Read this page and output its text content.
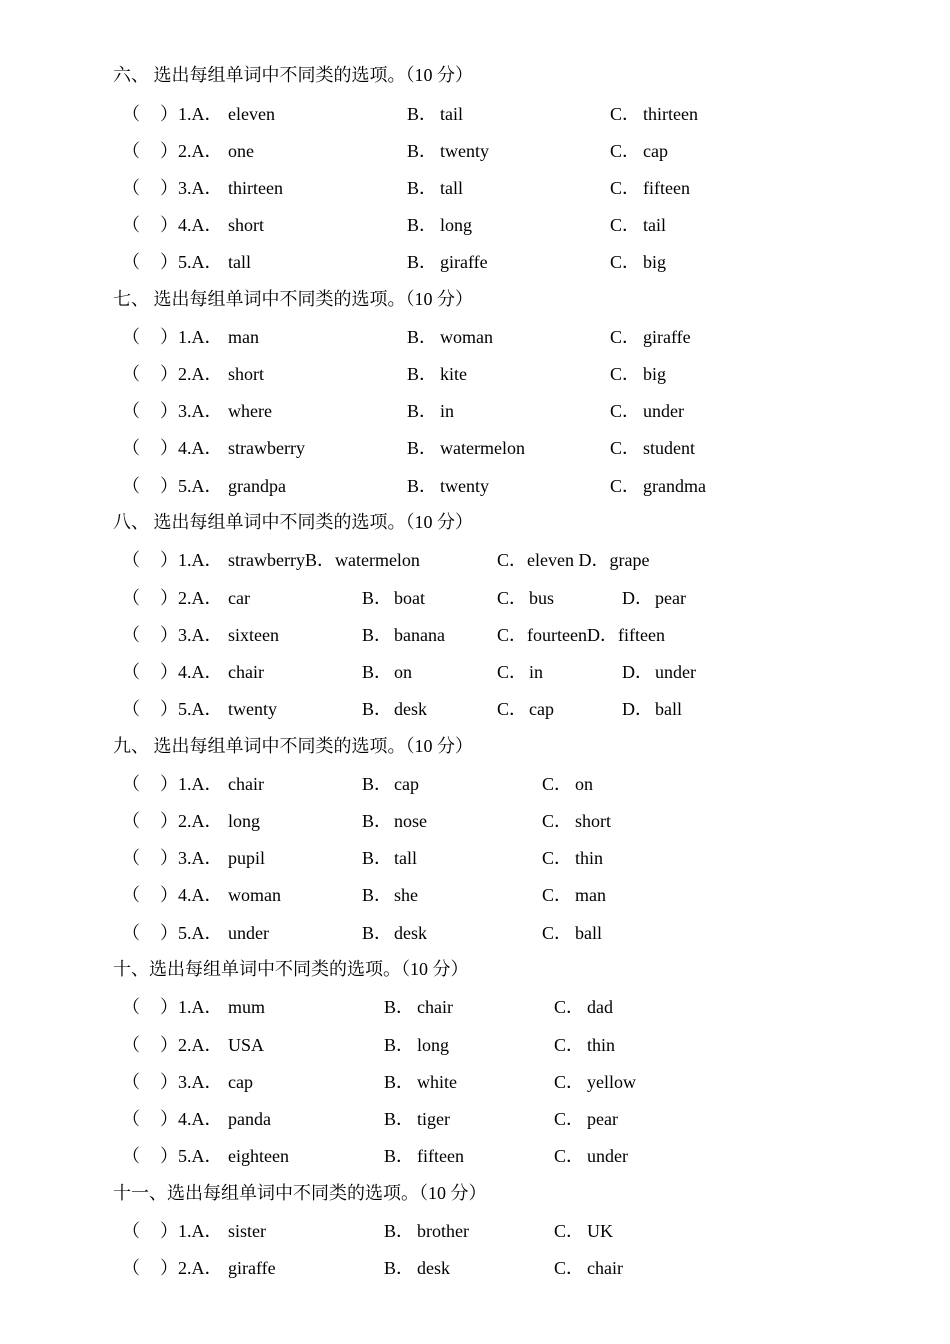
六、 选出每组单词中不同类的选项。（10 分）
（ ）1.A． eleven	B． tail	C． thirteen
（ ）2.A． one	B． twenty	C． cap
（ ）3.A． thirteen	B． tall	C． fifteen
（ ）4.A． short	B． long	C． tail
（ ）5.A． tall	B． giraffe	C． big
七、 选出每组单词中不同类的选项。（10 分）
（ ）1.A． man	B． woman	C． giraffe
（ ）2.A． short	B． kite	C． big
（ ）3.A． where	B． in	C． under
（ ）4.A． strawberry	B． watermelon	C． student
（ ）5.A． grandpa	B． twenty	C． grandma
八、 选出每组单词中不同类的选项。（10 分）
（ ）1.A． strawberryB．watermelon	C．eleven D．grape
（ ）2.A． car	B． boat	C． bus	D． pear
（ ）3.A． sixteen	B． banana	C．fourteenD．fifteen
（ ）4.A． chair	B． on	C． in	D． under
（ ）5.A． twenty	B． desk	C． cap	D． ball
九、 选出每组单词中不同类的选项。（10 分）
（ ）1.A． chair	B． cap	C． on
（ ）2.A． long	B． nose	C． short
（ ）3.A． pupil	B． tall	C． thin
（ ）4.A． woman	B． she	C． man
（ ）5.A． under	B． desk	C． ball
十、选出每组单词中不同类的选项。（10 分）
（ ）1.A． mum	B． chair	C． dad
（ ）2.A． USA	B． long	C． thin
（ ）3.A． cap	B． white	C． yellow
（ ）4.A． panda	B． tiger	C． pear
（ ）5.A． eighteen	B． fifteen	C． under
十一、选出每组单词中不同类的选项。（10 分）
（ ）1.A． sister	B． brother	C． UK
（ ）2.A． giraffe	B． desk	C． chair
